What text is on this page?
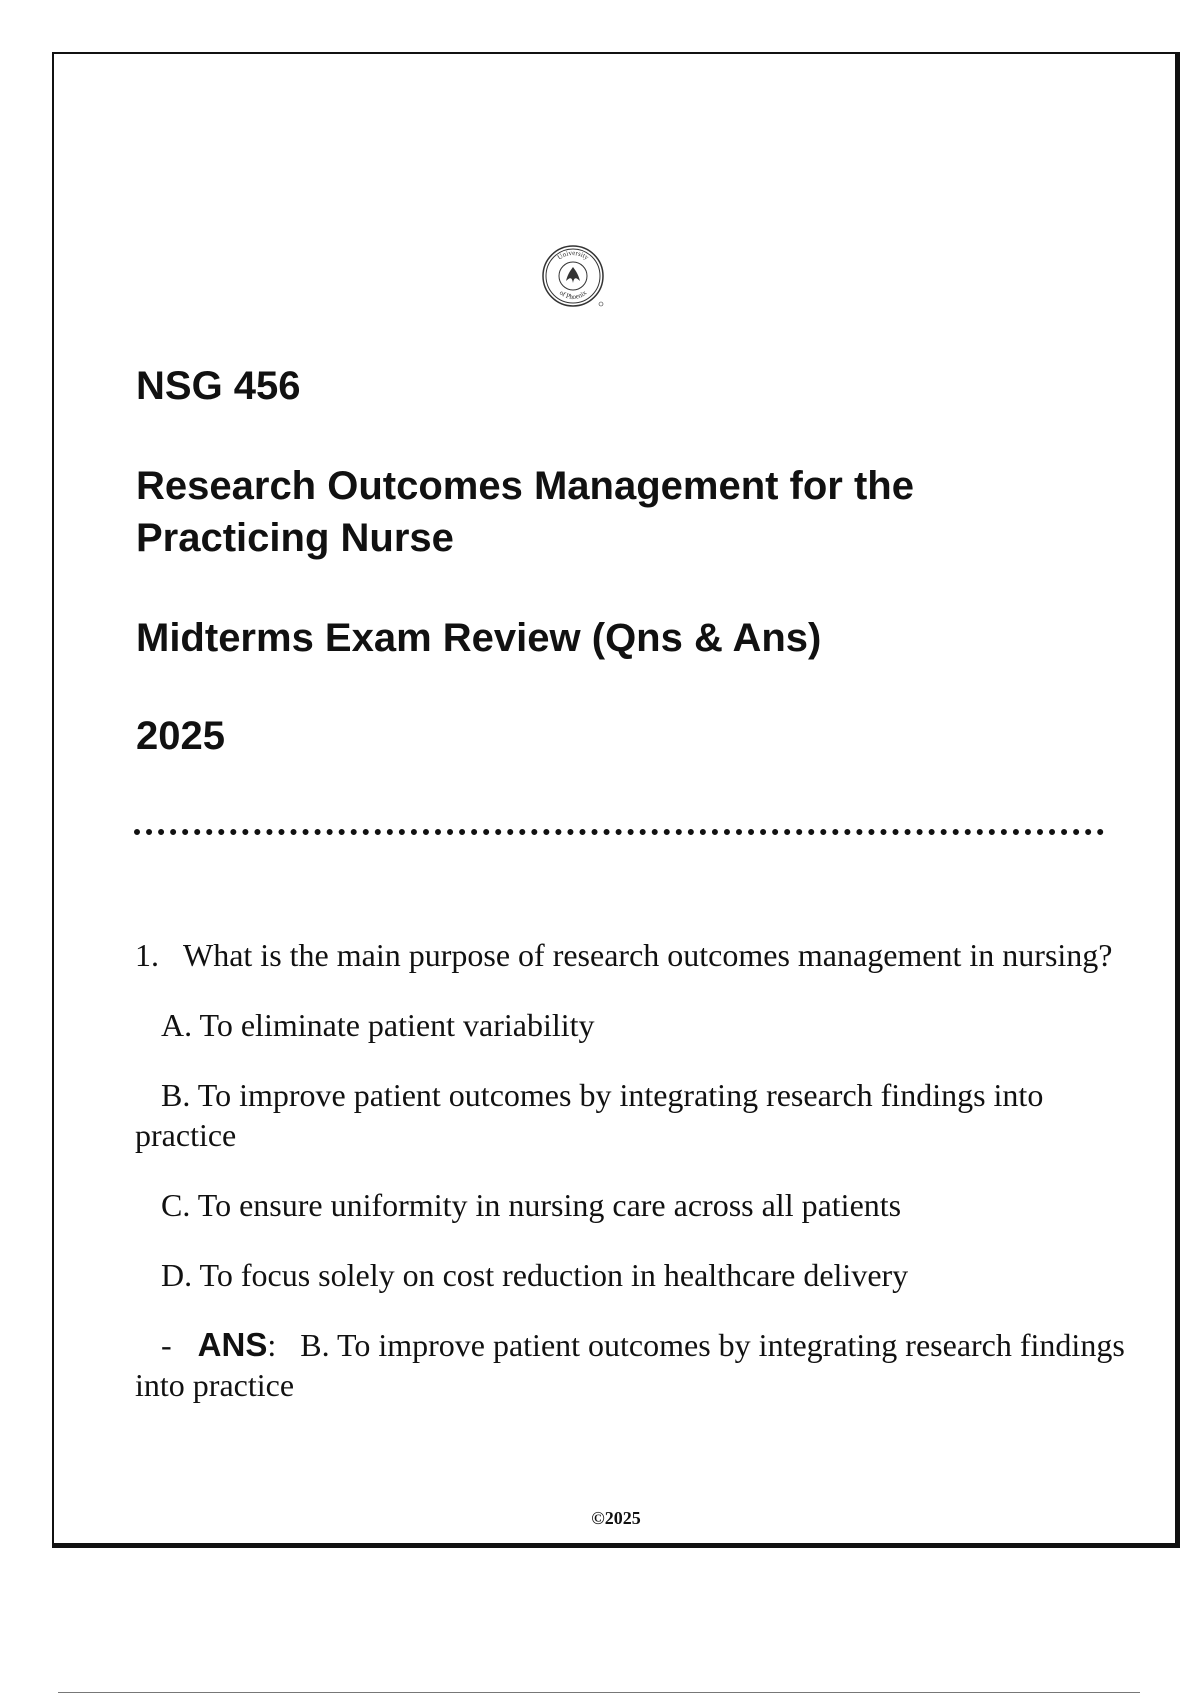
University
of Phoenix
NSG 456
Research Outcomes Management for the Practicing Nurse
Midterms Exam Review (Qns & Ans)
2025

1. What is the main purpose of research outcomes management in nursing?

A. To eliminate patient variability

B. To improve patient outcomes by integrating research findings into practice

C. To ensure uniformity in nursing care across all patients

D. To focus solely on cost reduction in healthcare delivery

- ANS: B. To improve patient outcomes by integrating research findings into practice

©2025
